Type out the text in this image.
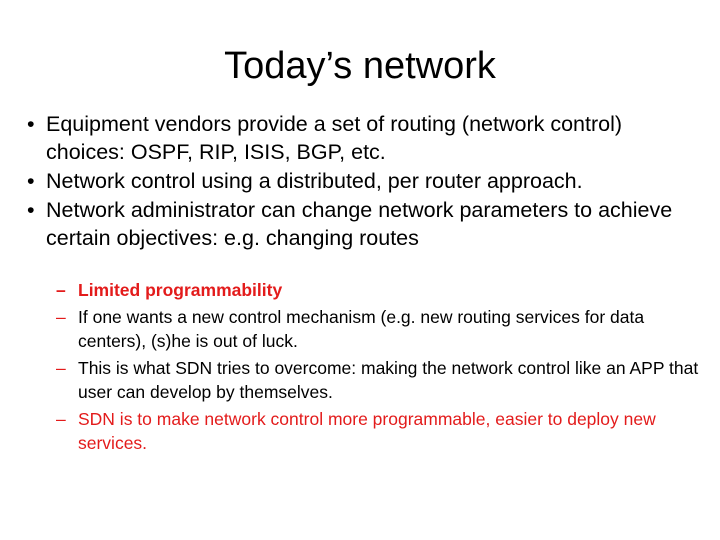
Today’s network
• Equipment vendors provide a set of routing (network control) choices: OSPF, RIP, ISIS, BGP, etc.
• Network control using a distributed, per router approach.
• Network administrator can change network parameters to achieve certain objectives: e.g. changing routes
– Limited programmability
– If one wants a new control mechanism (e.g. new routing services for data centers), (s)he is out of luck.
– This is what SDN tries to overcome: making the network control like an APP that user can develop by themselves.
– SDN is to make network control more programmable, easier to deploy new services.
